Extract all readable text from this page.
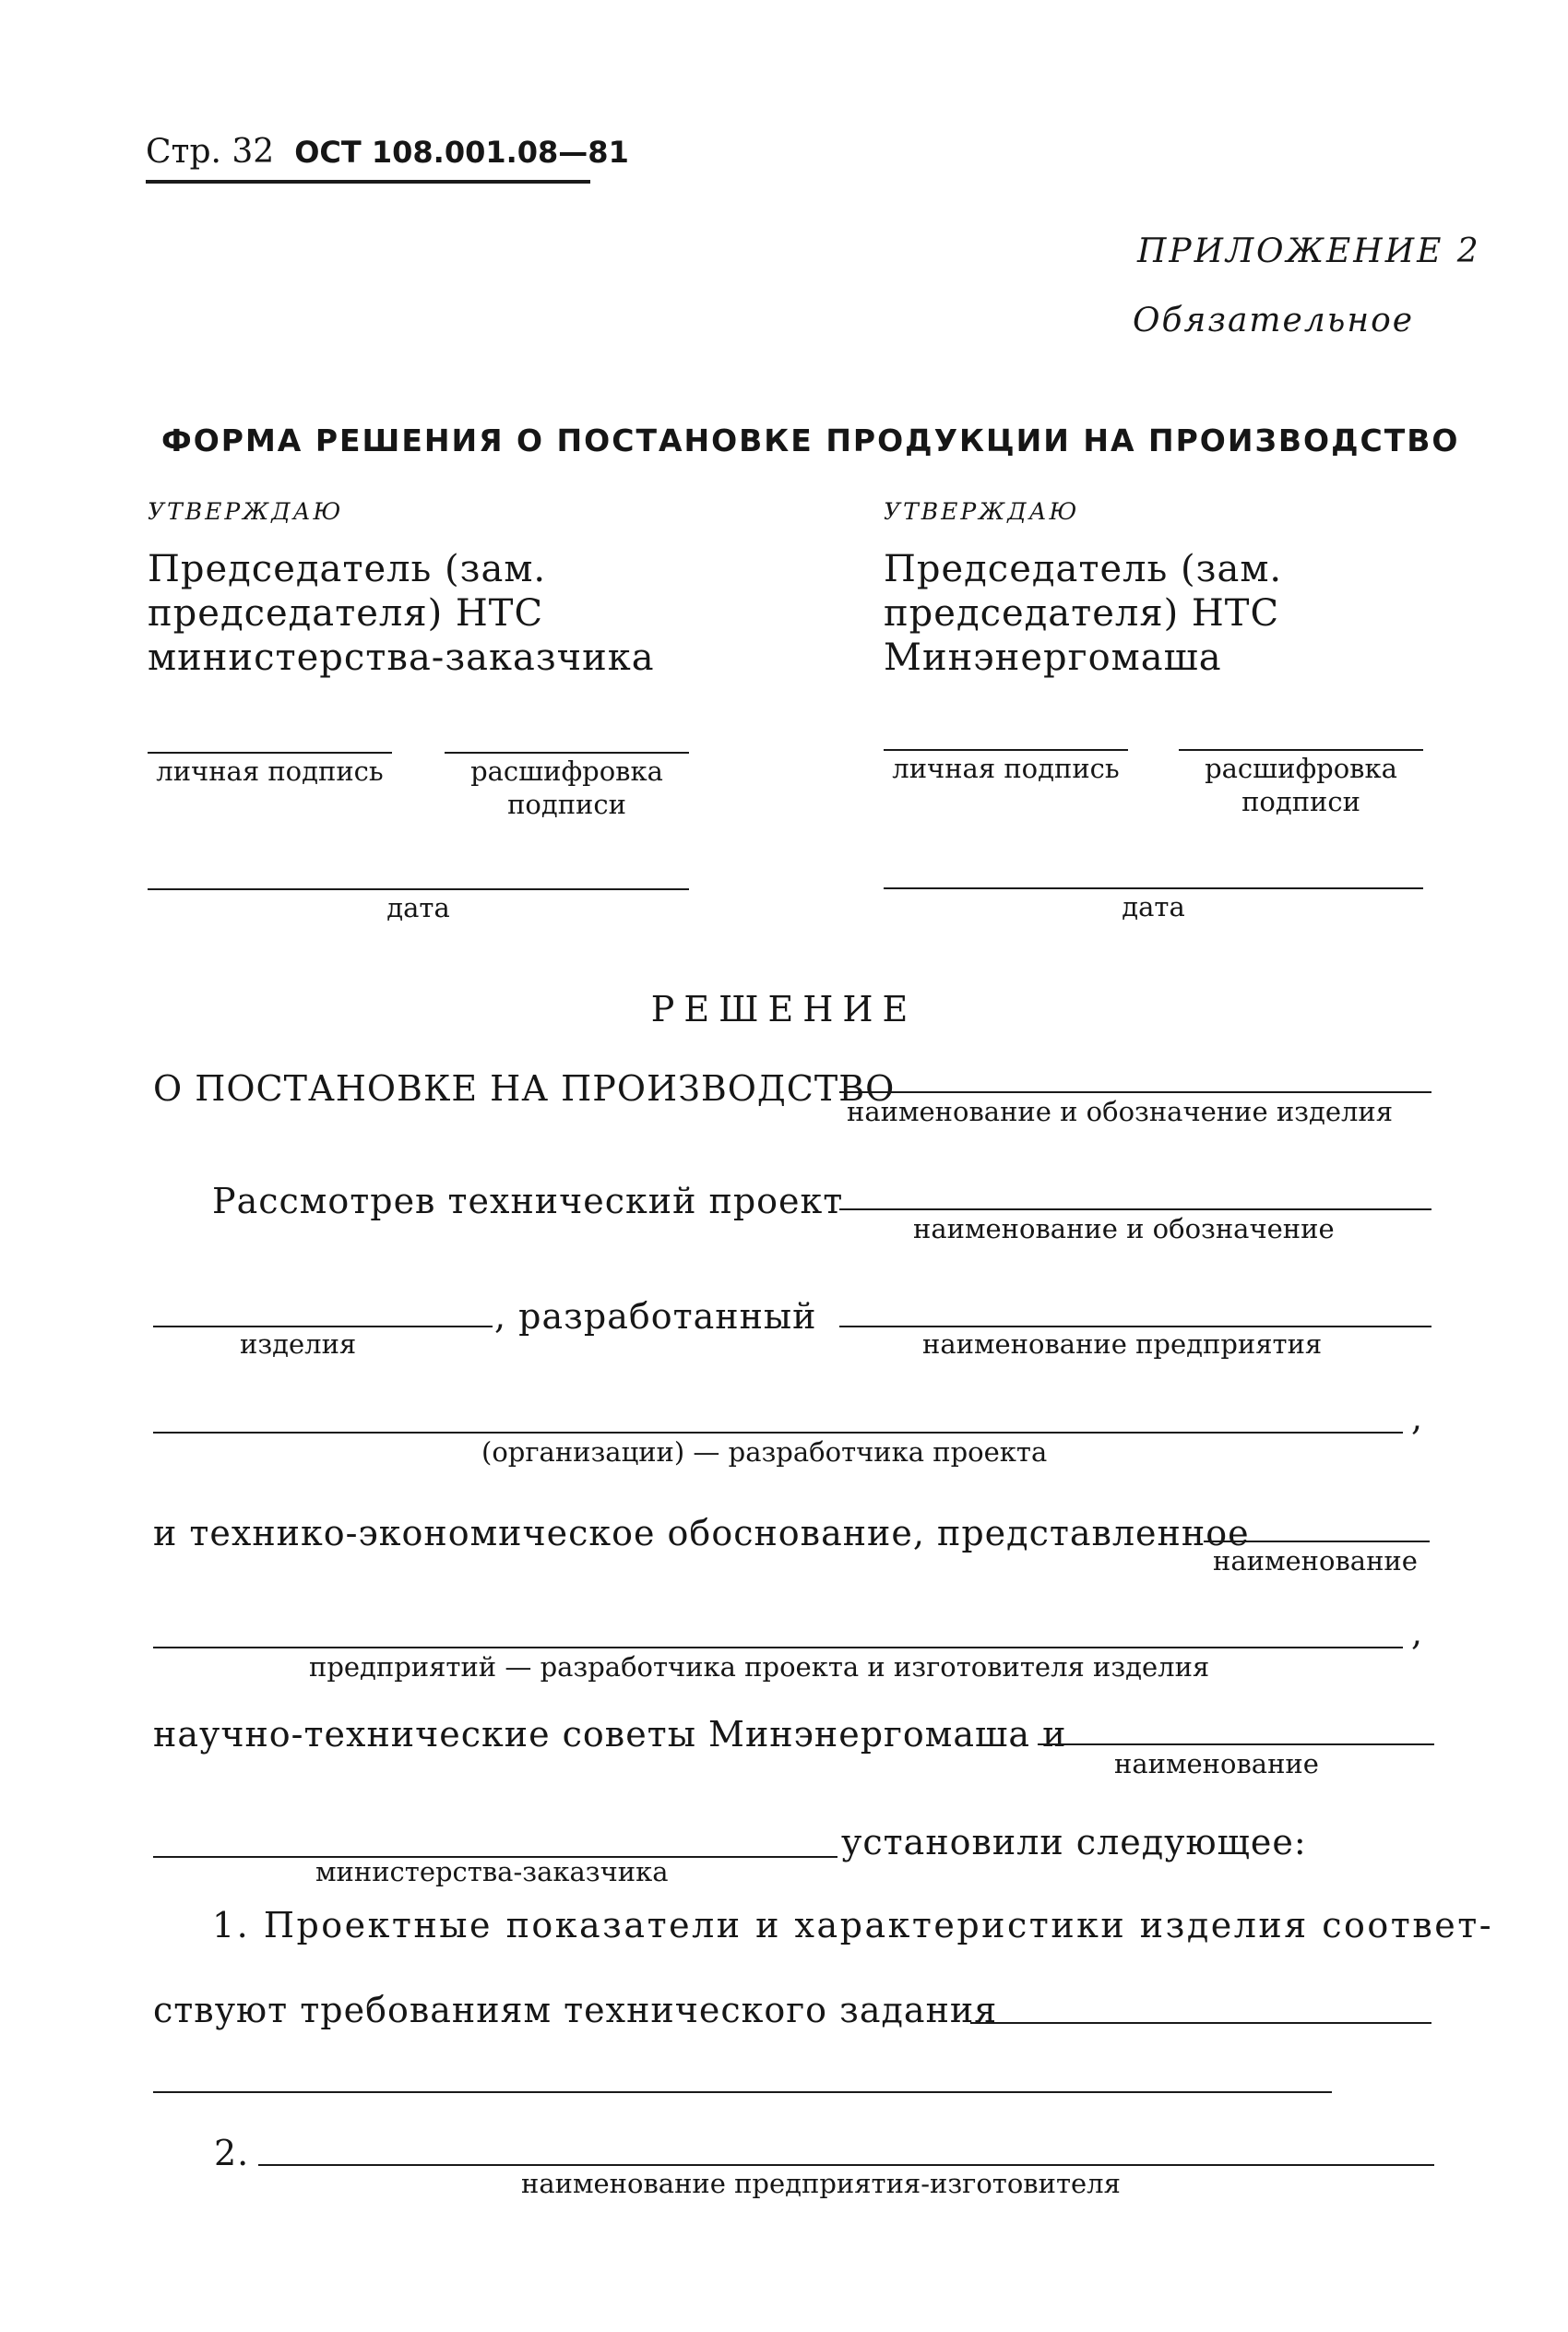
Стр. 32 ОСТ 108.001.08—81
ПРИЛОЖЕНИЕ 2
Обязательное
ФОРМА РЕШЕНИЯ О ПОСТАНОВКЕ ПРОДУКЦИИ НА ПРОИЗВОДСТВО
УТВЕРЖДАЮ
Председатель (зам. председателя) НТС министерства-заказчика
личная подпись	расшифровка подписи
дата
УТВЕРЖДАЮ
Председатель (зам. председателя) НТС Минэнергомаша
личная подпись	расшифровка подписи
дата
РЕШЕНИЕ
О ПОСТАНОВКЕ НА ПРОИЗВОДСТВО
наименование и обозначение изделия
Рассмотрев технический проект
наименование и обозначение
изделия
, разработанный
наименование предприятия
,
(организации) — разработчика проекта
и технико-экономическое обоснование, представленное
наименование
,
предприятий — разработчика проекта и изготовителя изделия
научно-технические советы Минэнергомаша и
наименование
министерства-заказчика
установили следующее:
1. Проектные показатели и характеристики изделия соответ-
ствуют требованиям технического задания
2.
наименование предприятия-изготовителя
